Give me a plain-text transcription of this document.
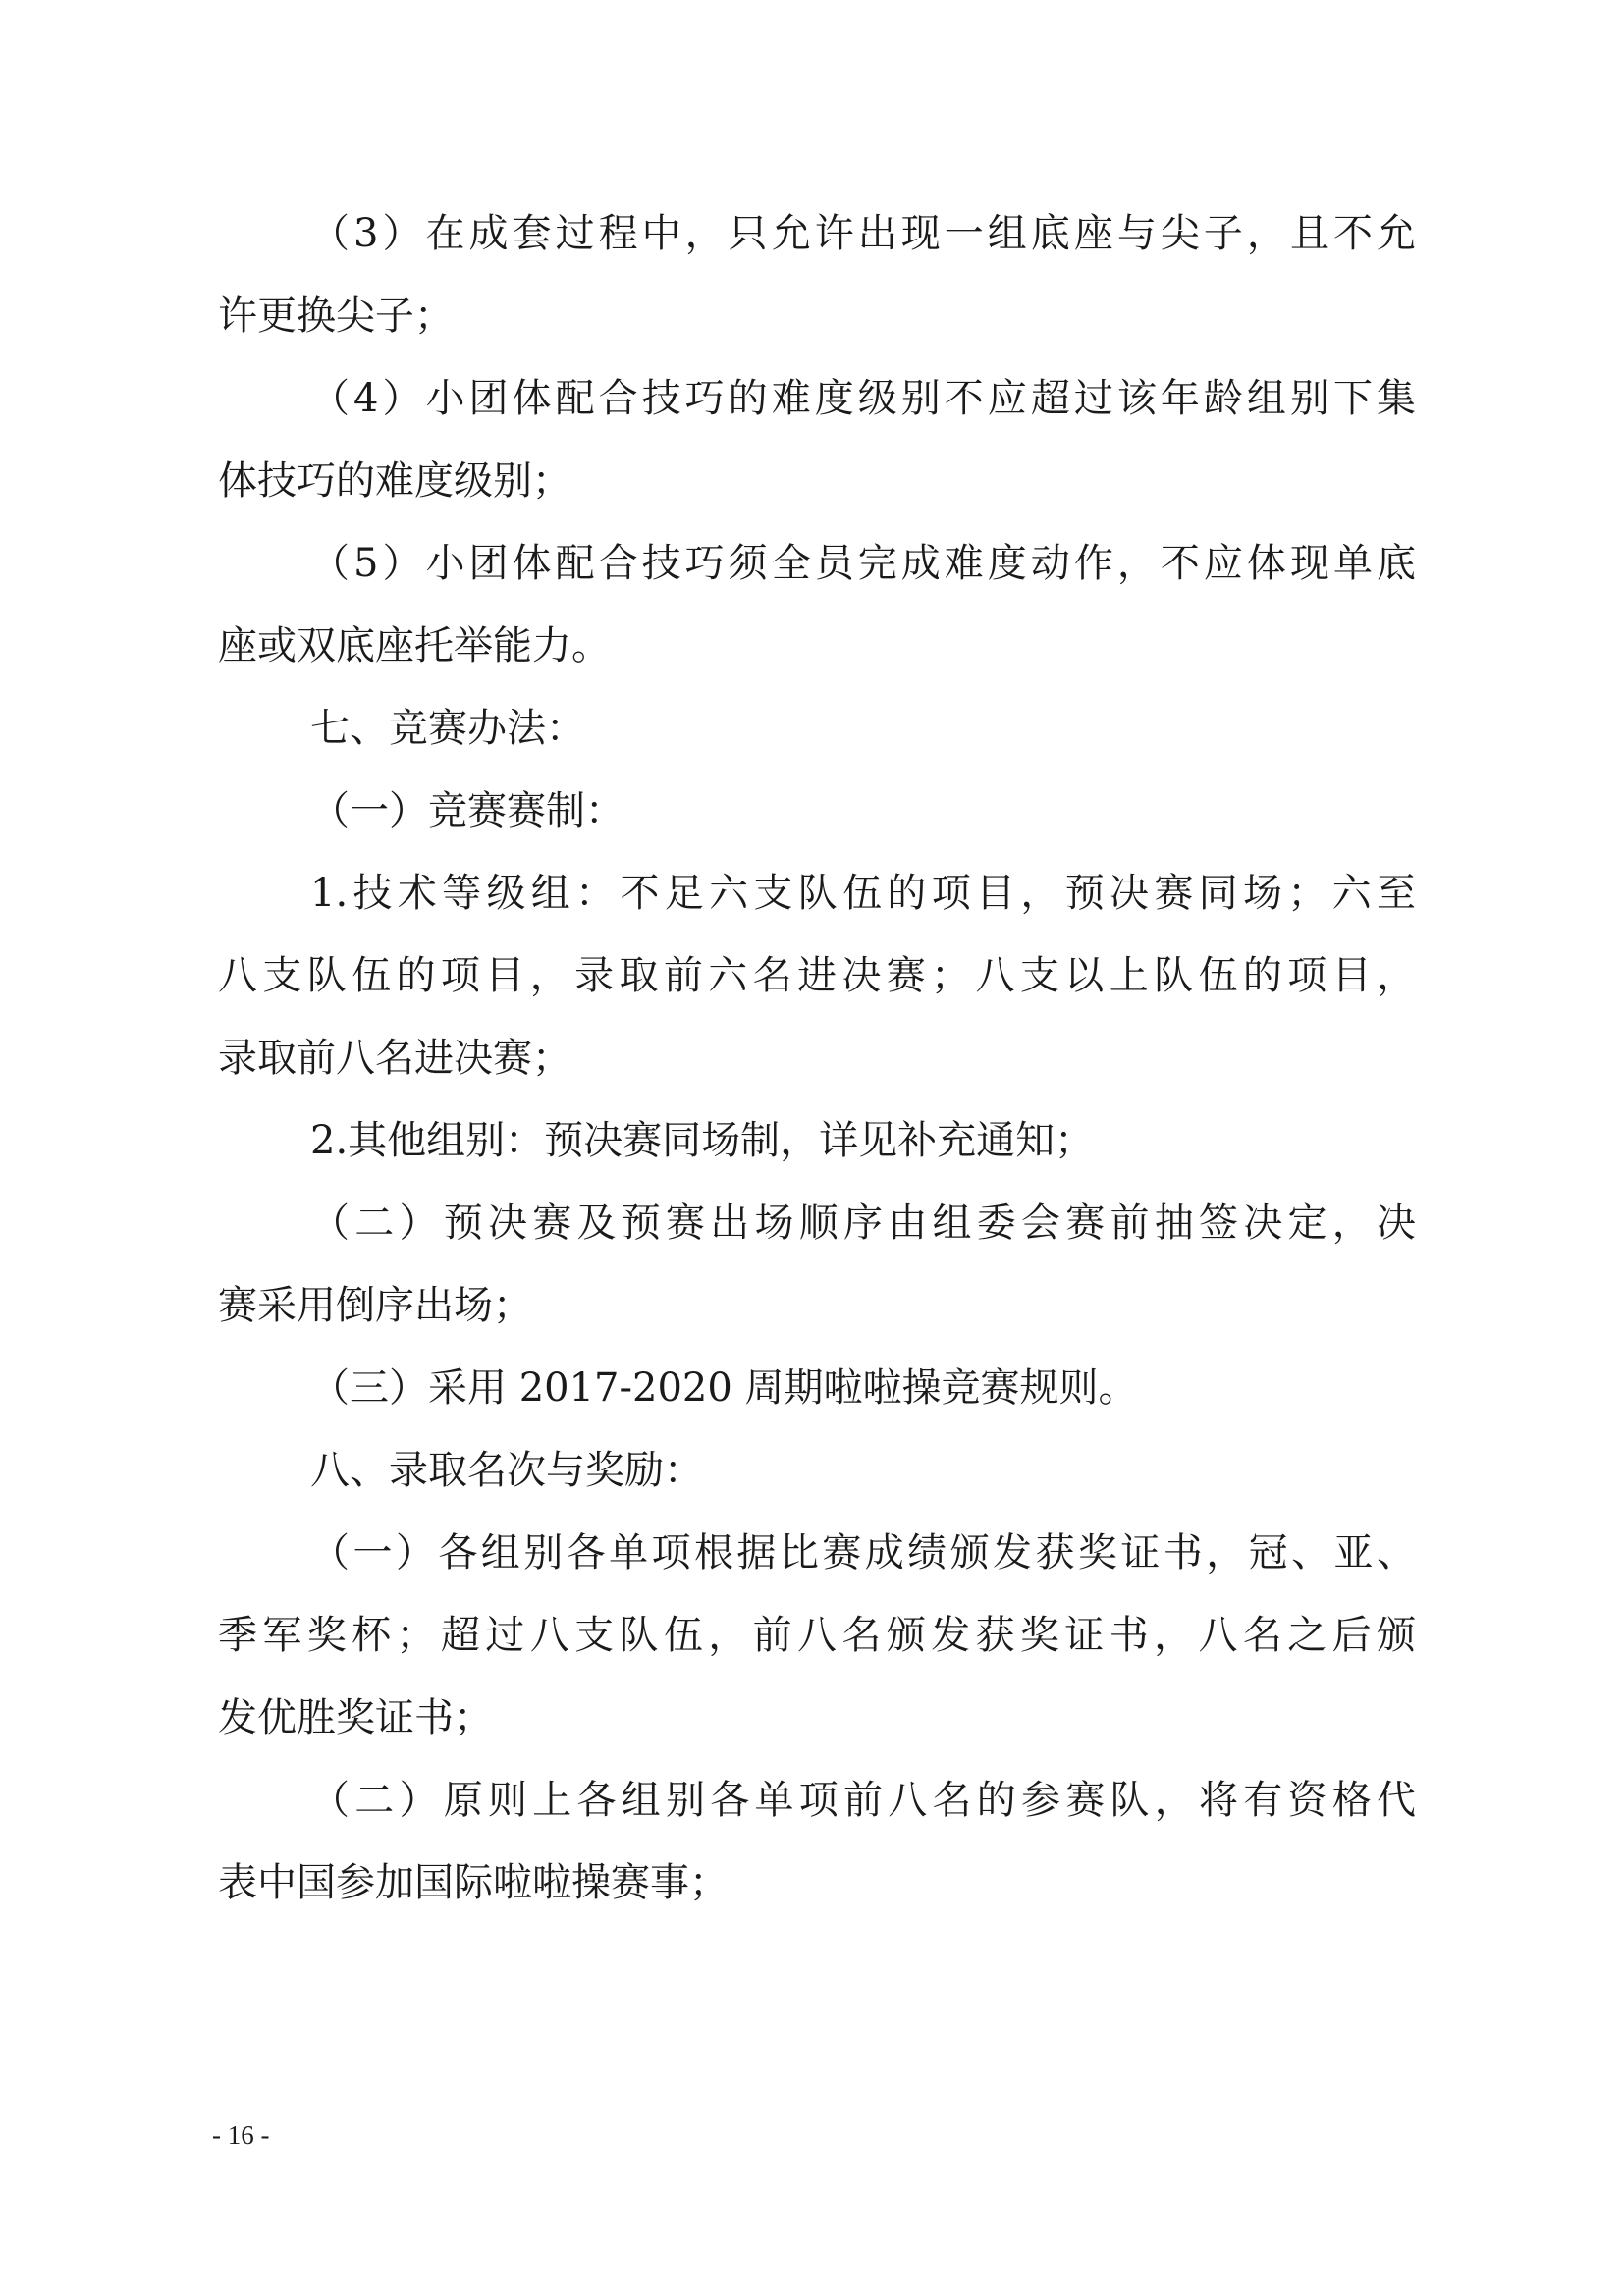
（3）在成套过程中，只允许出现一组底座与尖子，且不允
许更换尖子；
（4）小团体配合技巧的难度级别不应超过该年龄组别下集
体技巧的难度级别；
（5）小团体配合技巧须全员完成难度动作，不应体现单底
座或双底座托举能力。
七、竞赛办法：
（一）竞赛赛制：
1.技术等级组：不足六支队伍的项目，预决赛同场；六至
八支队伍的项目，录取前六名进决赛；八支以上队伍的项目，
录取前八名进决赛；
2.其他组别：预决赛同场制，详见补充通知；
（二）预决赛及预赛出场顺序由组委会赛前抽签决定，决
赛采用倒序出场；
（三）采用 2017-2020 周期啦啦操竞赛规则。
八、录取名次与奖励：
（一）各组别各单项根据比赛成绩颁发获奖证书，冠、亚、
季军奖杯；超过八支队伍，前八名颁发获奖证书，八名之后颁
发优胜奖证书；
（二）原则上各组别各单项前八名的参赛队，将有资格代
表中国参加国际啦啦操赛事；
- 16 -
